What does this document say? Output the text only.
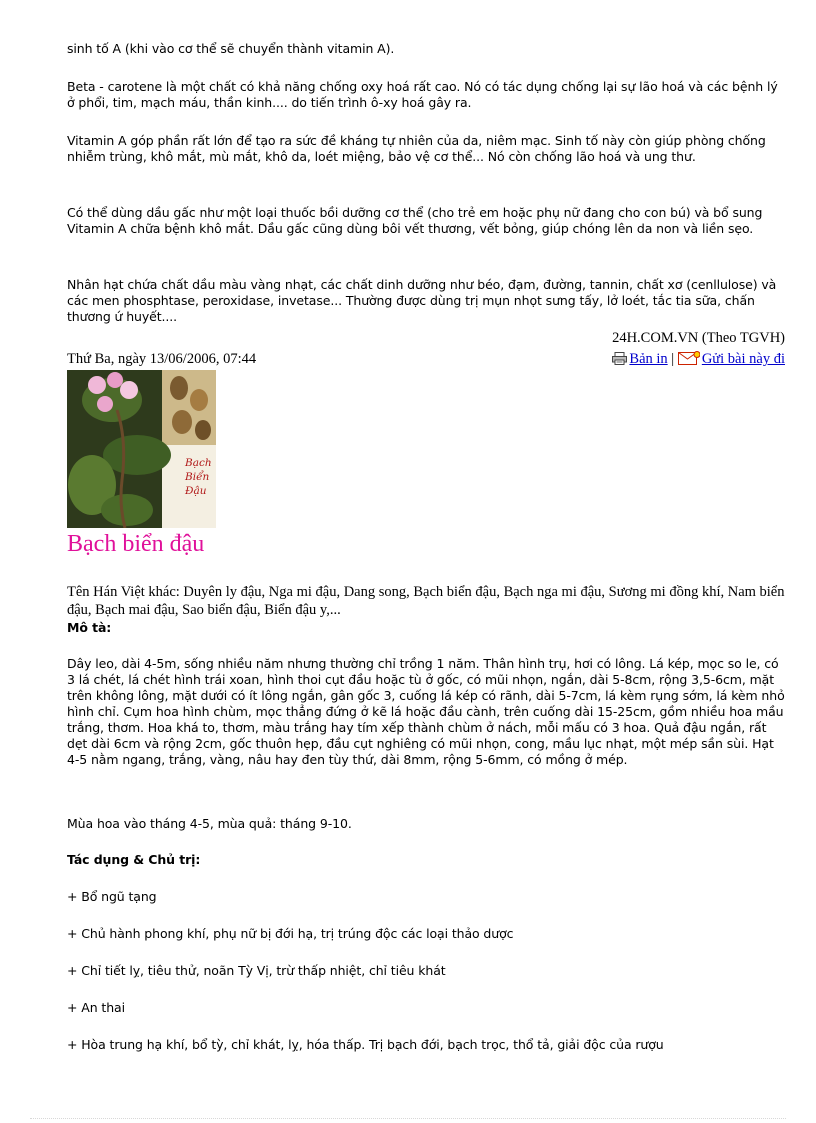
sinh tố A (khi vào cơ thể sẽ chuyển thành vitamin A).

Beta - carotene là một chất có khả năng chống oxy hoá rất cao. Nó có tác dụng chống lại sự lão hoá và các bệnh lý ở phổi, tim, mạch máu, thần kinh.... do tiến trình ô-xy hoá gây ra.

Vitamin A góp phần rất lớn để tạo ra sức đề kháng tự nhiên của da, niêm mạc. Sinh tố này còn giúp phòng chống nhiễm trùng, khô mắt, mù mắt, khô da, loét miệng, bảo vệ cơ thể... Nó còn chống lão hoá và ung thư.

Có thể dùng dầu gấc như một loại thuốc bồi dưỡng cơ thể (cho trẻ em hoặc phụ nữ đang cho con bú) và bổ sung Vitamin A chữa bệnh khô mắt. Dầu gấc cũng dùng bôi vết thương, vết bỏng, giúp chóng lên da non và liền sẹo.

Nhân hạt chứa chất dầu màu vàng nhạt, các chất dinh dưỡng như béo, đạm, đường, tannin, chất xơ (cenllulose) và các men phosphtase, peroxidase, invetase... Thường được dùng trị mụn nhọt sưng tấy, lở loét, tắc tia sữa, chấn thương ứ huyết....

24H.COM.VN (Theo TGVH)
Thứ Ba, ngày 13/06/2006, 07:44	Bản in | Gửi bài này đi
Bạch
Biển
Đậu
Bạch biển đậu

Tên Hán Việt khác: Duyên ly đậu, Nga mi đậu, Dang song, Bạch biển đậu, Bạch nga mi đậu, Sương mi đồng khí, Nam biển đậu, Bạch mai đậu, Sao biển đậu, Biển đậu y,...

Mô tà:

Dây leo, dài 4-5m, sống nhiều năm nhưng thường chỉ trồng 1 năm. Thân hình trụ, hơi có lông. Lá kép, mọc so le, có 3 lá chét, lá chét hình trái xoan, hình thoi cụt đầu hoặc tù ở gốc, có mũi nhọn, ngắn, dài 5-8cm, rộng 3,5-6cm, mặt trên không lông, mặt dưới có ít lông ngắn, gân gốc 3, cuống lá kép có rãnh, dài 5-7cm, lá kèm rụng sớm, lá kèm nhỏ hình chỉ. Cụm hoa hình chùm, mọc thẳng đứng ở kẽ lá hoặc đầu cành, trên cuống dài 15-25cm, gồm nhiều hoa mầu trắng, thơm. Hoa khá to, thơm, màu trắng hay tím xếp thành chùm ở nách, mỗi mấu có 3 hoa. Quả đậu ngắn, rất dẹt dài 6cm và rộng 2cm, gốc thuôn hẹp, đầu cụt nghiêng có mũi nhọn, cong, mầu lục nhạt, một mép sần sùi. Hạt 4-5 nằm ngang, trắng, vàng, nâu hay đen tùy thứ, dài 8mm, rộng 5-6mm, có mồng ở mép.

Mùa hoa vào tháng 4-5, mùa quả: tháng 9-10.

Tác dụng & Chủ trị:

+ Bổ ngũ tạng

+ Chủ hành phong khí, phụ nữ bị đới hạ, trị trúng độc các loại thảo dược

+ Chỉ tiết lỵ, tiêu thử, noãn Tỳ Vị, trừ thấp nhiệt, chỉ tiêu khát

+ An thai

+ Hòa trung hạ khí, bổ tỳ, chỉ khát, lỵ, hóa thấp. Trị bạch đới, bạch trọc, thổ tả, giải độc của rượu
